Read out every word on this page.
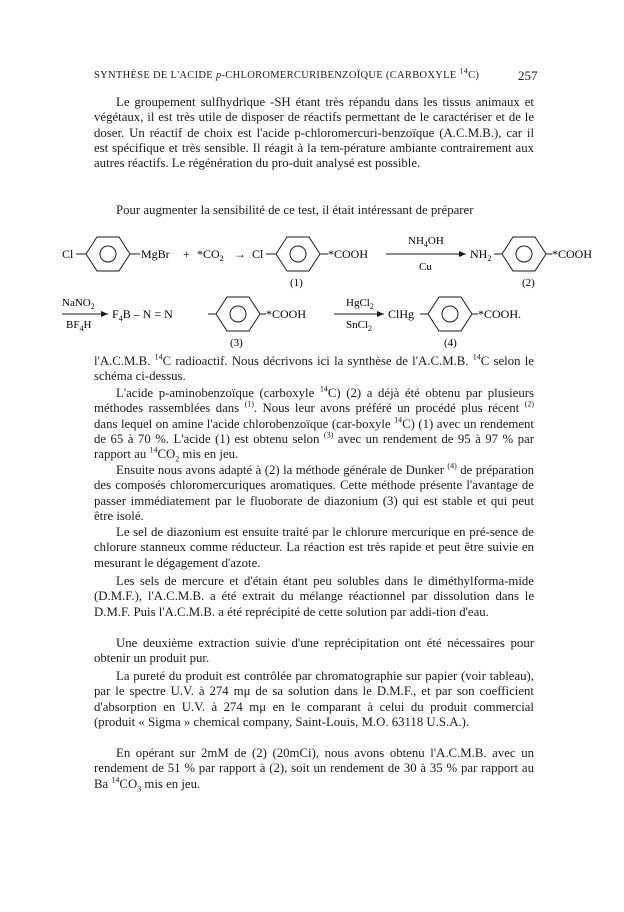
SYNTHÈSE DE L'ACIDE p-CHLOROMERCURIBENZOÏQUE (CARBOXYLE $^{14}$C)	257

Le groupement sulfhydrique -SH étant très répandu dans les tissus animaux et végétaux, il est très utile de disposer de réactifs permettant de le caractériser et de le doser. Un réactif de choix est l'acide p-chloromercuri-benzoïque (A.C.M.B.), car il est spécifique et très sensible. Il réagit à la tem-pérature ambiante contrairement aux autres réactifs. Le régénération du pro-duit analysé est possible.

Pour augmenter la sensibilité de ce test, il était intéressant de préparer

Cl	MgBr + $*CO_2 \to Cl$	*COOH
$NH_4OH$
Cu
$NH_2$	*COOH
(1)	(2)
NaNO$_2$
$BF_4H$
$F_4B - N = N$	*COOH
HgCl$_2$
SnCl$_2$
ClHg	*COOH.
(3)	(4)

l'A.C.M.B. $^{14}$C radioactif. Nous décrivons ici la synthèse de l'A.C.M.B. $^{14}$C selon le schéma ci-dessus.

L'acide p-aminobenzoïque (carboxyle $^{14}$C) (2) a déjà été obtenu par plusieurs méthodes rassemblées dans $^{(1)}$. Nous leur avons préféré un procédé plus récent $^{(2)}$ dans lequel on amine l'acide chlorobenzoïque (car-boxyle $^{14}$C) (1) avec un rendement de 65 à 70 %. L'acide (1) est obtenu selon $^{(3)}$ avec un rendement de 95 à 97 % par rapport au $^{14}CO_2$ mis en jeu.

Ensuite nous avons adapté à (2) la méthode générale de Dunker $^{(4)}$ de préparation des composés chloromercuriques aromatiques. Cette méthode présente l'avantage de passer immédiatement par le fluoborate de diazonium (3) qui est stable et qui peut être isolé.

Le sel de diazonium est ensuite traité par le chlorure mercurique en pré-sence de chlorure stanneux comme réducteur. La réaction est très rapide et peut être suivie en mesurant le dégagement d'azote.

Les sels de mercure et d'étain étant peu solubles dans le diméthylforma-mide (D.M.F.), l'A.C.M.B. a été extrait du mélange réactionnel par dissolution dans le D.M.F. Puis l'A.C.M.B. a été reprécipité de cette solution par addi-tion d'eau.

Une deuxième extraction suivie d'une reprécipitation ont été nécessaires pour obtenir un produit pur.

La pureté du produit est contrôlée par chromatographie sur papier (voir tableau), par le spectre U.V. à 274 mμ de sa solution dans le D.M.F., et par son coefficient d'absorption en U.V. à 274 mμ en le comparant à celui du produit commercial (produit « Sigma » chemical company, Saint-Louis, M.O. 63118 U.S.A.).

En opérant sur 2mM de (2) (20mCi), nous avons obtenu l'A.C.M.B. avec un rendement de 51 % par rapport à (2), soit un rendement de 30 à 35 % par rapport au Ba $^{14}CO_3$ mis en jeu.
